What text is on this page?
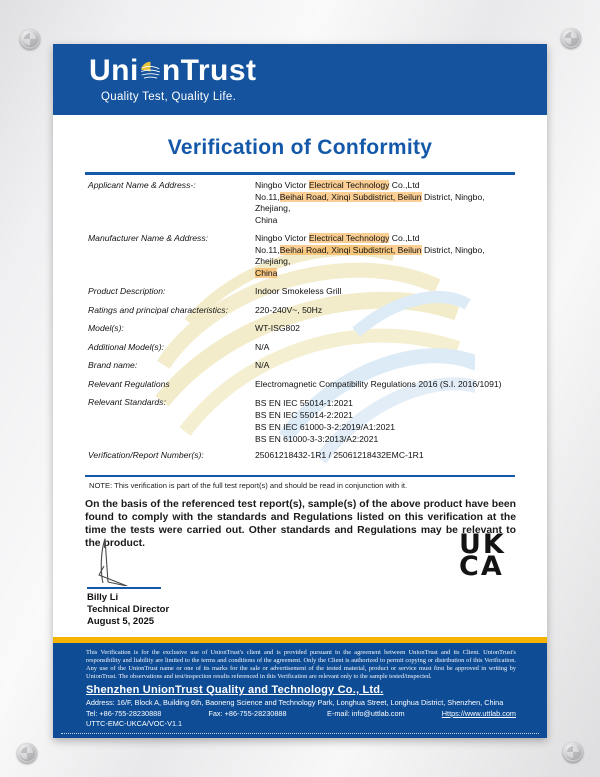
Uni nTrust
Quality Test, Quality Life.
Verification of Conformity
Applicant Name & Address-:	Ningbo Victor Electrical Technology Co.,Ltd
No.11,Beihai Road, Xinqi Subdistrict, Beilun District, Ningbo, Zhejiang,
China
Manufacturer Name & Address:	Ningbo Victor Electrical Technology Co.,Ltd
No.11,Beihai Road, Xinqi Subdistrict, Beilun District, Ningbo, Zhejiang,
China
Product Description:	Indoor Smokeless Grill
Ratings and principal characteristics:	220-240V~, 50Hz
Model(s):	WT-ISG802
Additional Model(s):	N/A
Brand name:	N/A
Relevant Regulations	Electromagnetic Compatibility Regulations 2016 (S.I. 2016/1091)
Relevant Standards:	BS EN IEC 55014-1:2021
BS EN IEC 55014-2:2021
BS EN IEC 61000-3-2:2019/A1:2021
BS EN 61000-3-3:2013/A2:2021
Verification/Report Number(s):	25061218432-1R1 / 25061218432EMC-1R1
NOTE: This verification is part of the full test report(s) and should be read in conjunction with it.
On the basis of the referenced test report(s), sample(s) of the above product have been found to comply with the standards and Regulations listed on this verification at the time the tests were carried out. Other standards and Regulations may be relevant to the product.
Billy Li
Technical Director
August 5, 2025
UK
CA
This Verification is for the exclusive use of UnionTrust's client and is provided pursuant to the agreement between UnionTrust and its Client. UnionTrust's responsibility and liability are limited to the terms and conditions of the agreement. Only the Client is authorized to permit copying or distribution of this Verification. Any use of the UnionTrust name or one of its marks for the sale or advertisement of the tested material, product or service must first be approved in writing by UnionTrust. The observations and test/inspection results referenced in this Verification are relevant only to the sample tested/inspected.
Shenzhen UnionTrust Quality and Technology Co., Ltd.
Address: 16/F, Block A, Building 6th, Baoneng Science and Technology Park, Longhua Street, Longhua District, Shenzhen, China
Tel: +86-755-28230888	Fax: +86-755-28230888	E-mail: info@uttlab.com	Https://www.uttlab.com
UTTC-EMC-UKCA/VOC-V1.1
